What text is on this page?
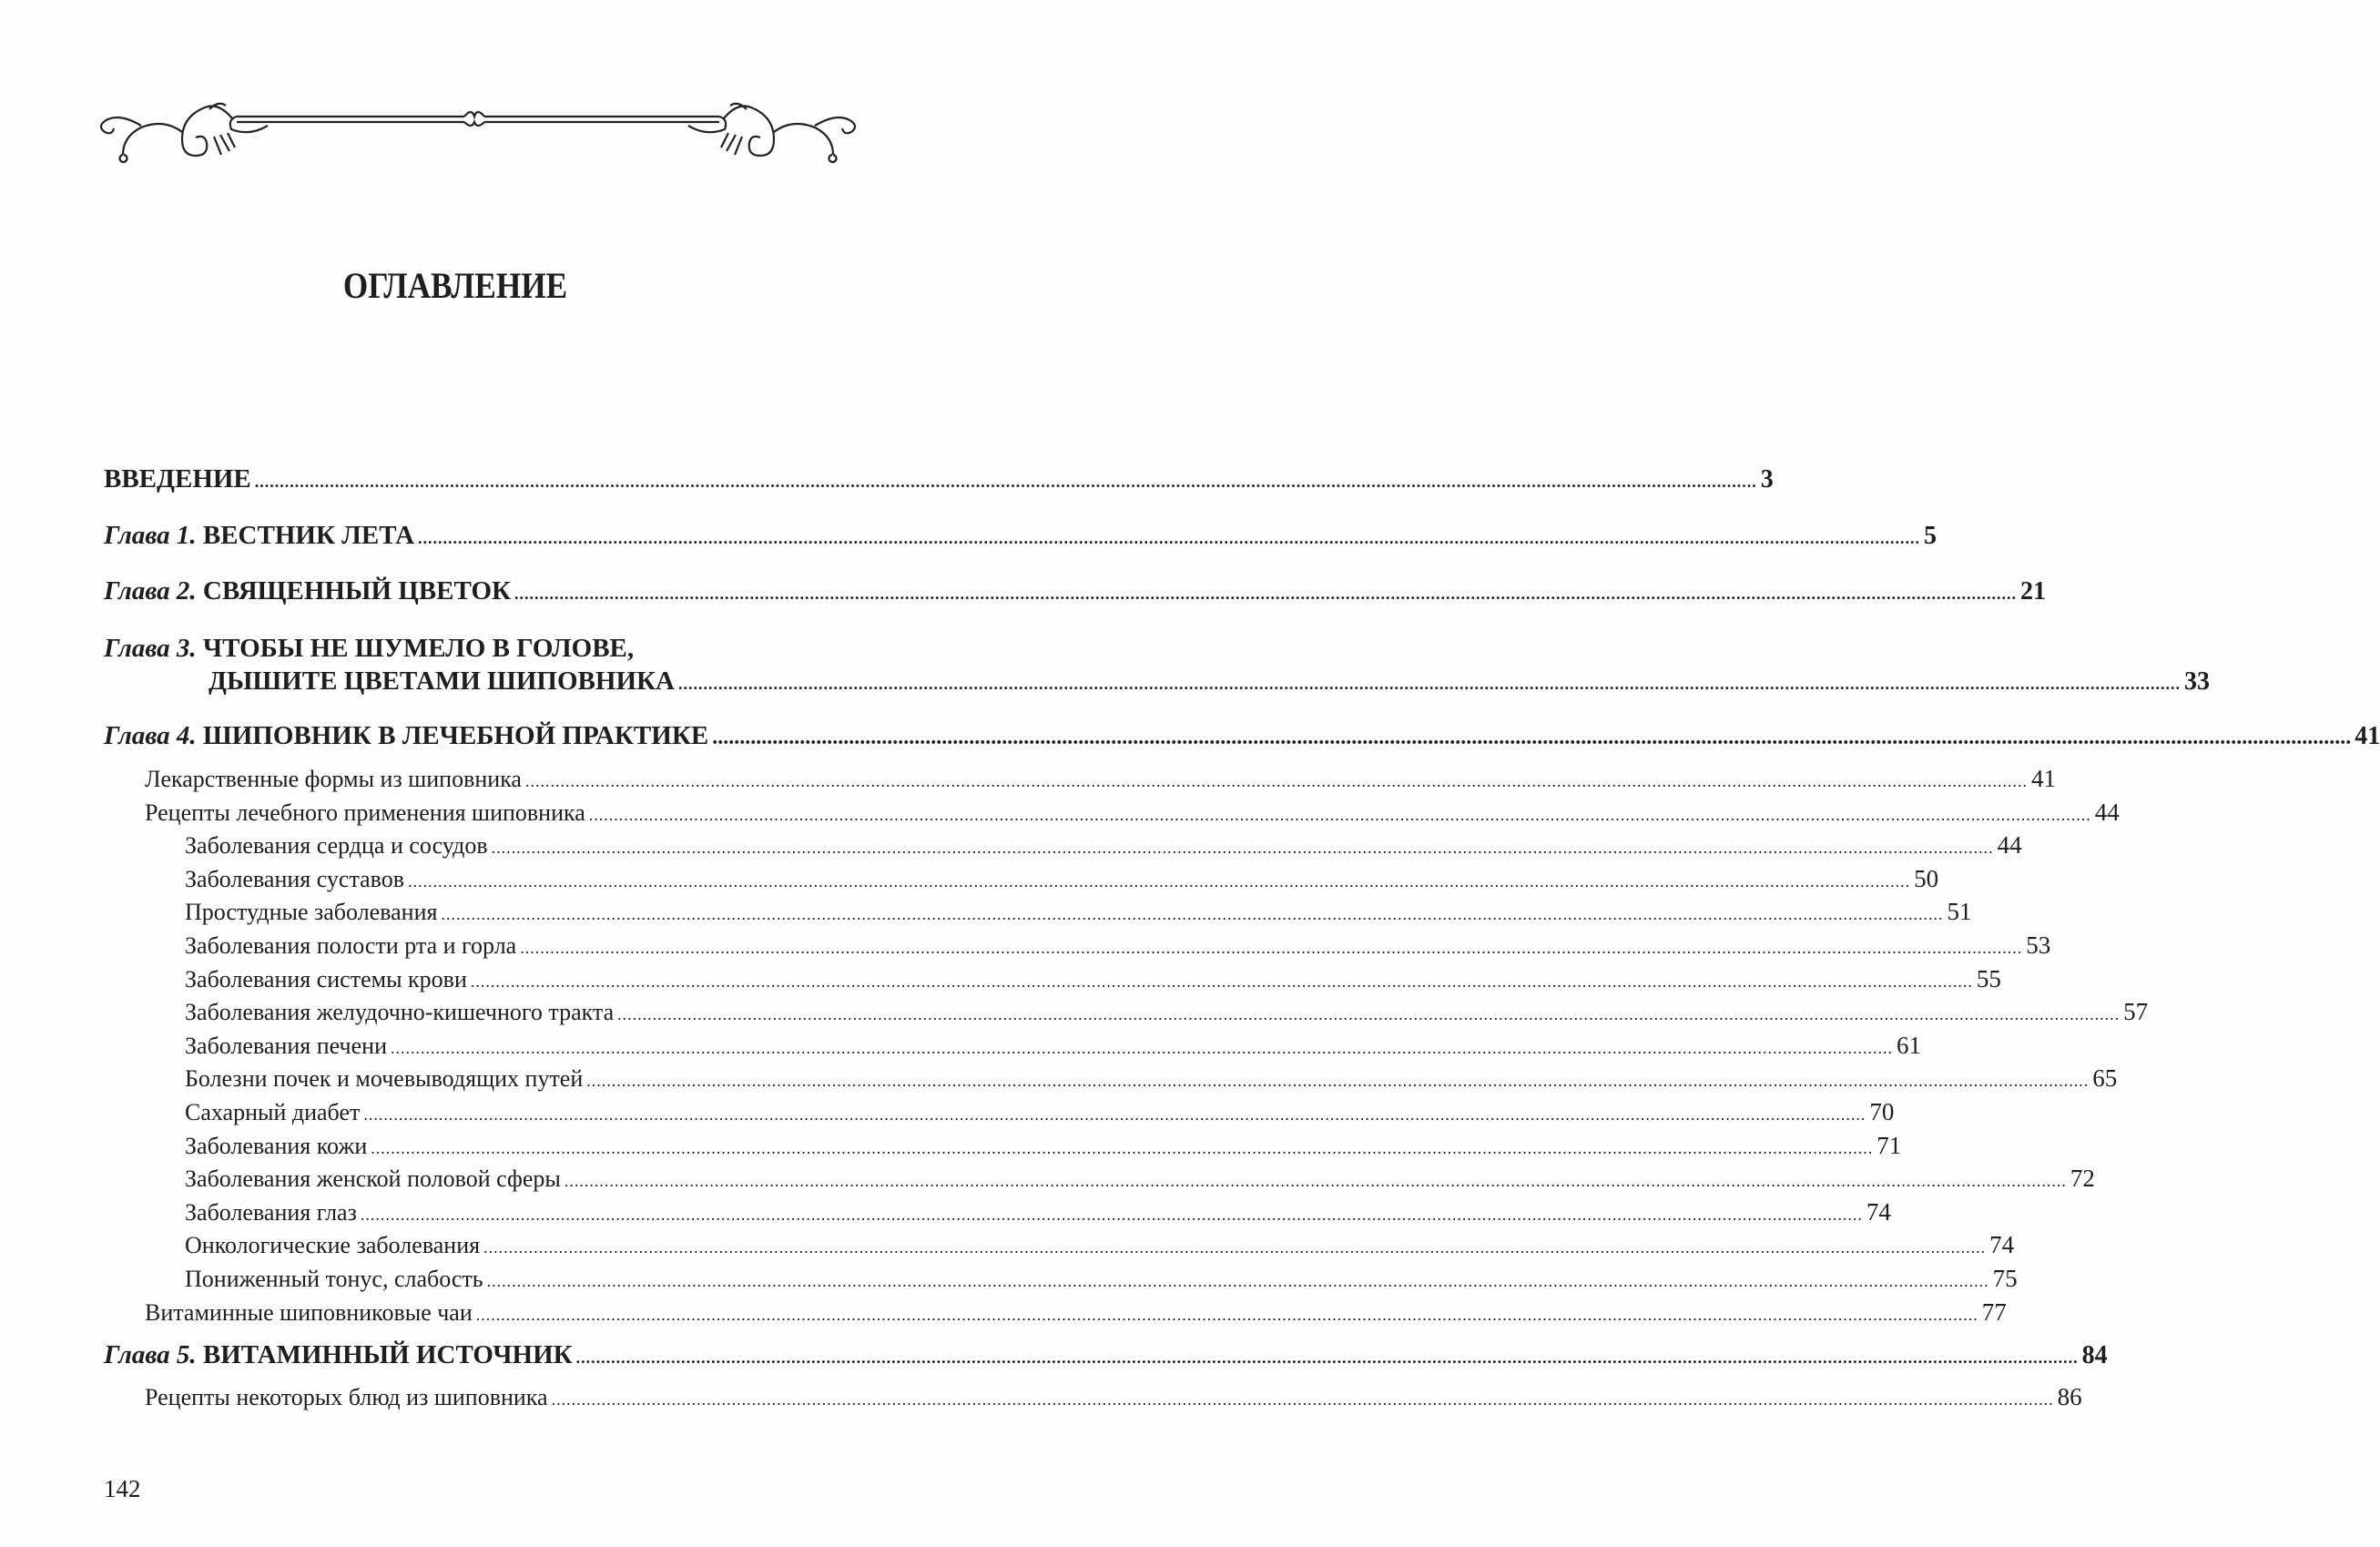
ОГЛАВЛЕНИЕ
ВВЕДЕНИЕ ............................................................................................................................................................................................................................................................................................................ 3
Глава 1. ВЕСТНИК ЛЕТА ............................................................................................................................................................................................................................................................................................................ 5
Глава 2. СВЯЩЕННЫЙ ЦВЕТОК ............................................................................................................................................................................................................................................................................................................ 21
Глава 3. ЧТОБЫ НЕ ШУМЕЛО В ГОЛОВЕ,
ДЫШИТЕ ЦВЕТАМИ ШИПОВНИКА ............................................................................................................................................................................................................................................................................................................ 33
Глава 4. ШИПОВНИК В ЛЕЧЕБНОЙ ПРАКТИКЕ ............................................................................................................................................................................................................................................................................................................ 41
Лекарственные формы из шиповника ............................................................................................................................................................................................................................................................................................................ 41
Рецепты лечебного применения шиповника ............................................................................................................................................................................................................................................................................................................ 44
Заболевания сердца и сосудов ............................................................................................................................................................................................................................................................................................................ 44
Заболевания суставов ............................................................................................................................................................................................................................................................................................................ 50
Простудные заболевания ............................................................................................................................................................................................................................................................................................................ 51
Заболевания полости рта и горла ............................................................................................................................................................................................................................................................................................................ 53
Заболевания системы крови ............................................................................................................................................................................................................................................................................................................ 55
Заболевания желудочно-кишечного тракта ............................................................................................................................................................................................................................................................................................................ 57
Заболевания печени ............................................................................................................................................................................................................................................................................................................ 61
Болезни почек и мочевыводящих путей ............................................................................................................................................................................................................................................................................................................ 65
Сахарный диабет ............................................................................................................................................................................................................................................................................................................ 70
Заболевания кожи ............................................................................................................................................................................................................................................................................................................ 71
Заболевания женской половой сферы ............................................................................................................................................................................................................................................................................................................ 72
Заболевания глаз ............................................................................................................................................................................................................................................................................................................ 74
Онкологические заболевания ............................................................................................................................................................................................................................................................................................................ 74
Пониженный тонус, слабость ............................................................................................................................................................................................................................................................................................................ 75
Витаминные шиповниковые чаи ............................................................................................................................................................................................................................................................................................................ 77
Глава 5. ВИТАМИННЫЙ ИСТОЧНИК ............................................................................................................................................................................................................................................................................................................ 84
Рецепты некоторых блюд из шиповника ............................................................................................................................................................................................................................................................................................................ 86
142
